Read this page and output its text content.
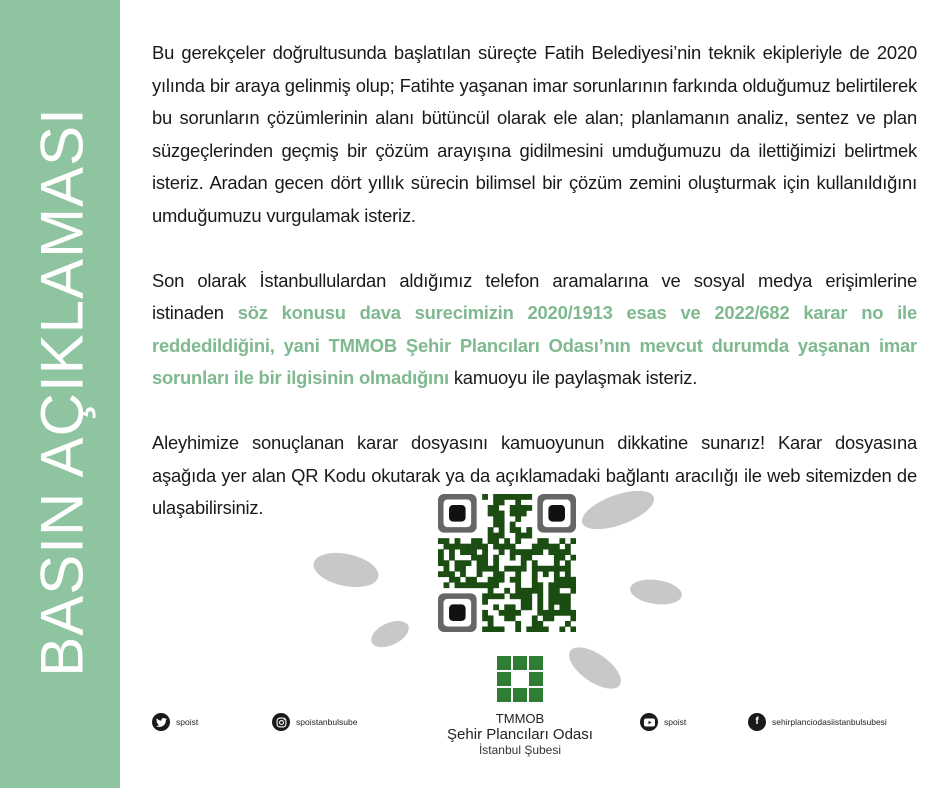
BASIN AÇIKLAMASI

Bu gerekçeler doğrultusunda başlatılan süreçte Fatih Belediyesi’nin teknik ekipleriyle de 2020 yılında bir araya gelinmiş olup; Fatihte yaşanan imar sorunlarının farkında olduğumuz belirtilerek bu sorunların çözümlerinin alanı bütüncül olarak ele alan; planlamanın analiz, sentez ve plan süzgeçlerinden geçmiş bir çözüm arayışına gidilmesini umduğumuzu da ilettiğimizi belirtmek isteriz. Aradan gecen dört yıllık sürecin bilimsel bir çözüm zemini oluşturmak için kullanıldığını umduğumuzu vurgulamak isteriz.

Son olarak İstanbullulardan aldığımız telefon aramalarına ve sosyal medya erişimlerine istinaden söz konusu dava surecimizin 2020/1913 esas ve 2022/682 karar no ile reddedildiğini, yani TMMOB Şehir Plancıları Odası’nın mevcut durumda yaşanan imar sorunları ile bir ilgisinin olmadığını kamuoyu ile paylaşmak isteriz.

Aleyhimize sonuçlanan karar dosyasını kamuoyunun dikkatine sunarız! Karar dosyasına aşağıda yer alan QR Kodu okutarak ya da açıklamadaki bağlantı aracılığı ile web sitemizden de ulaşabilirsiniz.

TMMOB
Şehir Plancıları Odası
İstanbul Şubesi
spoist	spoistanbulsube	spoist	f	sehirplanciodasiistanbulsubesi
